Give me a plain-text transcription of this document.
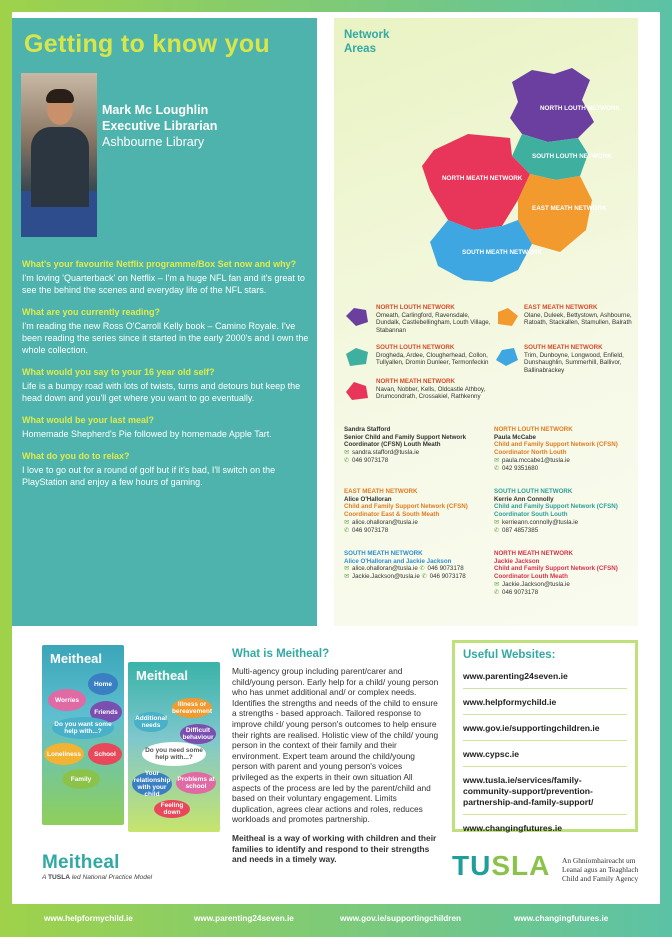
Getting to know you
Mark Mc Loughlin
Executive Librarian
Ashbourne Library
What's your favourite Netflix programme/Box Set now and why?
I'm loving 'Quarterback' on Netflix – I'm a huge NFL fan and it's great to see the behind the scenes and everyday life of the NFL stars.
What are you currently reading?
I'm reading the new Ross O'Carroll Kelly book – Camino Royale. I've been reading the series since it started in the early 2000's and I own the whole collection.
What would you say to your 16 year old self?
Life is a bumpy road with lots of twists, turns and detours but keep the head down and you'll get where you want to go eventually.
What would be your last meal?
Homemade Shepherd's Pie followed by homemade Apple Tart.
What do you do to relax?
I love to go out for a round of golf but if it's bad, I'll switch on the PlayStation and enjoy a few hours of gaming.
Network Areas
NORTH LOUTH NETWORK
SOUTH LOUTH NETWORK
NORTH MEATH NETWORK
EAST MEATH NETWORK
SOUTH MEATH NETWORK
NORTH LOUTH NETWORK
Omeath, Carlingford, Ravensdale, Dundalk, Castlebellingham, Louth Village, Stabannan
SOUTH LOUTH NETWORK
Drogheda, Ardee, Clougherhead, Collon, Tullyallen, Dromin Dunleer, Termonfeckin
NORTH MEATH NETWORK
Navan, Nobber, Kells, Oldcastle Athboy, Drumcondrath, Crossakiel, Rathkenny
EAST MEATH NETWORK
Olane, Duleek, Bettystown, Ashbourne, Ratoath, Stackallen, Stamullen, Balrath
SOUTH MEATH NETWORK
Trim, Dunboyne, Longwood, Enfield, Dunshaughlin, Summerhill, Ballivor, Ballinabrackey
Sandra Stafford
Senior Child and Family Support Network Coordinator (CFSN) Louth Meath
✉ sandra.stafford@tusla.ie
✆ 046 9073178
NORTH LOUTH NETWORK
Paula McCabe
Child and Family Support Network (CFSN) Coordinator North Louth
✉ paula.mccabe1@tusla.ie
✆ 042 9351680
EAST MEATH NETWORK
Alice O'Halloran
Child and Family Support Network (CFSN) Coordinator East & South Meath
✉ alice.ohalloran@tusla.ie
✆ 046 9073178
SOUTH LOUTH NETWORK
Kerrie Ann Connolly
Child and Family Support Network (CFSN) Coordinator South Louth
✉ kerrieann.connolly@tusla.ie
✆ 087 4857385
SOUTH MEATH NETWORK
Alice O'Halloran and Jackie Jackson
✉ alice.ohalloran@tusla.ie ✆ 046 9073178
✉ Jackie.Jackson@tusla.ie ✆ 046 9073178
NORTH MEATH NETWORK
Jackie Jackson
Child and Family Support Network (CFSN) Coordinator Louth Meath
✉ Jackie.Jackson@tusla.ie
✆ 046 9073178
Meitheal
Home
Worries
Friends
Do you want some help with...?
Loneliness	School
Family
Meitheal
Illness or bereavement
Additional needs
Difficult behaviour
Do you need some help with...?
Your relationship with your child
Problems at school
Feeling down
Meitheal
A TUSLA led National Practice Model
What is Meitheal?

Multi-agency group including parent/carer and child/young person. Early help for a child/ young person who has unmet additional and/ or complex needs. Identifies the strengths and needs of the child to ensure a strengths - based approach. Tailored response to improve child/ young person's outcomes to help ensure their rights are realised. Holistic view of the child/ young person in the context of their family and their environment. Expert team around the child/young person with parent and young person's voices privileged as the experts in their own situation All aspects of the process are led by the parent/child and based on their voluntary engagement. Limits duplication, agrees clear actions and roles, reduces workloads and promotes partnership.

Meitheal is a way of working with children and their families to identify and respond to their strengths and needs in a timely way.

Useful Websites:
www.parenting24seven.ie
www.helpformychild.ie
www.gov.ie/supportingchildren.ie
www.cypsc.ie
www.tusla.ie/services/family-community-support/prevention-partnership-and-family-support/
www.changingfutures.ie
TUSLA An Ghníomhaireacht um
Leanaí agus an Teaghlach
Child and Family Agency
www.helpformychild.ie	www.parenting24seven.ie	www.gov.ie/supportingchildren	www.changingfutures.ie
